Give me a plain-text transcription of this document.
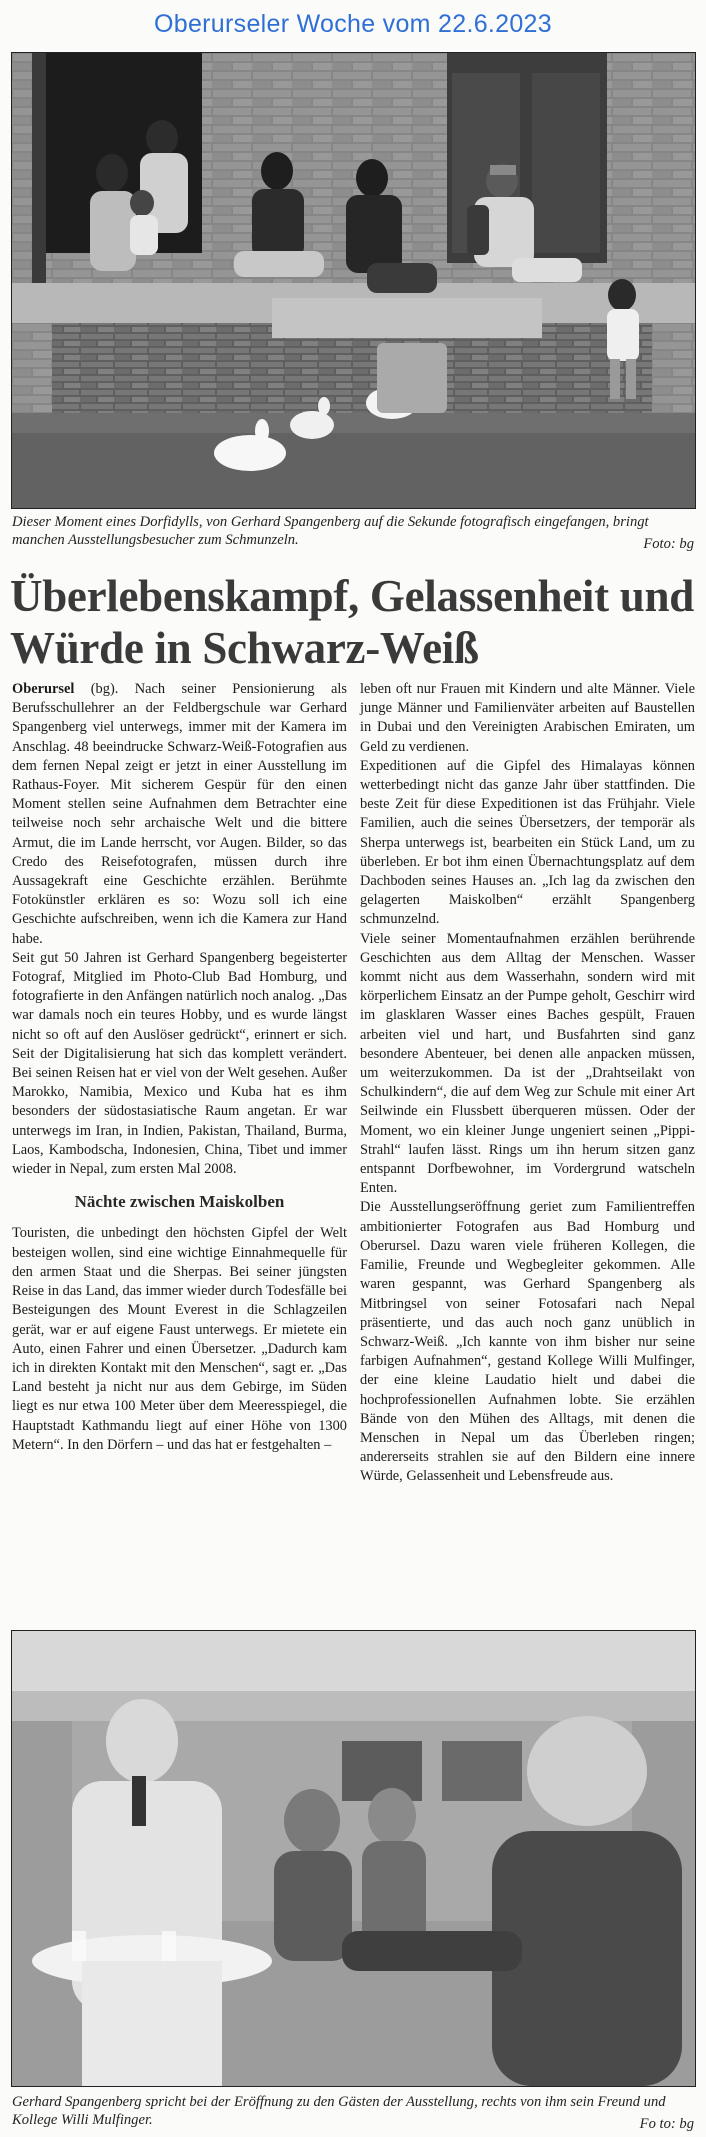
Oberurseler Woche vom 22.6.2023
Dieser Moment eines Dorfidylls, von Gerhard Spangenberg auf die Sekunde fotografisch eingefangen, bringt manchen Ausstellungsbesucher zum Schmunzeln.	Foto: bg
Überlebenskampf, Gelassenheit und Würde in Schwarz-Weiß

Oberursel (bg). Nach seiner Pensionierung als Berufsschullehrer an der Feldbergschule war Gerhard Spangenberg viel unterwegs, immer mit der Kamera im Anschlag. 48 beeindrucke Schwarz-Weiß-Fotografien aus dem fernen Nepal zeigt er jetzt in einer Ausstellung im Rathaus-Foyer. Mit sicherem Gespür für den einen Moment stellen seine Aufnahmen dem Betrachter eine teilweise noch sehr archaische Welt und die bittere Armut, die im Lande herrscht, vor Augen. Bilder, so das Credo des Reisefotografen, müssen durch ihre Aussagekraft eine Geschichte erzählen. Berühmte Fotokünstler erklären es so: Wozu soll ich eine Geschichte aufschreiben, wenn ich die Kamera zur Hand habe.

Seit gut 50 Jahren ist Gerhard Spangenberg begeisterter Fotograf, Mitglied im Photo-Club Bad Homburg, und fotografierte in den Anfängen natürlich noch analog. „Das war damals noch ein teures Hobby, und es wurde längst nicht so oft auf den Auslöser gedrückt“, erinnert er sich. Seit der Digitalisierung hat sich das komplett verändert. Bei seinen Reisen hat er viel von der Welt gesehen. Außer Marokko, Namibia, Mexico und Kuba hat es ihm besonders der südostasiatische Raum angetan. Er war unterwegs im Iran, in Indien, Pakistan, Thailand, Burma, Laos, Kambodscha, Indonesien, China, Tibet und immer wieder in Nepal, zum ersten Mal 2008.

Nächte zwischen Maiskolben

Touristen, die unbedingt den höchsten Gipfel der Welt besteigen wollen, sind eine wichtige Einnahmequelle für den armen Staat und die Sherpas. Bei seiner jüngsten Reise in das Land, das immer wieder durch Todesfälle bei Besteigungen des Mount Everest in die Schlagzeilen gerät, war er auf eigene Faust unterwegs. Er mietete ein Auto, einen Fahrer und einen Übersetzer. „Dadurch kam ich in direkten Kontakt mit den Menschen“, sagt er. „Das Land besteht ja nicht nur aus dem Gebirge, im Süden liegt es nur etwa 100 Meter über dem Meeresspiegel, die Hauptstadt Kathmandu liegt auf einer Höhe von 1300 Metern“. In den Dörfern – und das hat er festgehalten –

leben oft nur Frauen mit Kindern und alte Männer. Viele junge Männer und Familienväter arbeiten auf Baustellen in Dubai und den Vereinigten Arabischen Emiraten, um Geld zu verdienen.

Expeditionen auf die Gipfel des Himalayas können wetterbedingt nicht das ganze Jahr über stattfinden. Die beste Zeit für diese Expeditionen ist das Frühjahr. Viele Familien, auch die seines Übersetzers, der temporär als Sherpa unterwegs ist, bearbeiten ein Stück Land, um zu überleben. Er bot ihm einen Übernachtungsplatz auf dem Dachboden seines Hauses an. „Ich lag da zwischen den gelagerten Maiskolben“ erzählt Spangenberg schmunzelnd.

Viele seiner Momentaufnahmen erzählen berührende Geschichten aus dem Alltag der Menschen. Wasser kommt nicht aus dem Wasserhahn, sondern wird mit körperlichem Einsatz an der Pumpe geholt, Geschirr wird im glasklaren Wasser eines Baches gespült, Frauen arbeiten viel und hart, und Busfahrten sind ganz besondere Abenteuer, bei denen alle anpacken müssen, um weiterzukommen. Da ist der „Drahtseilakt von Schulkindern“, die auf dem Weg zur Schule mit einer Art Seilwinde ein Flussbett überqueren müssen. Oder der Moment, wo ein kleiner Junge ungeniert seinen „Pippi-Strahl“ laufen lässt. Rings um ihn herum sitzen ganz entspannt Dorfbewohner, im Vordergrund watscheln Enten.

Die Ausstellungseröffnung geriet zum Familientreffen ambitionierter Fotografen aus Bad Homburg und Oberursel. Dazu waren viele früheren Kollegen, die Familie, Freunde und Wegbegleiter gekommen. Alle waren gespannt, was Gerhard Spangenberg als Mitbringsel von seiner Fotosafari nach Nepal präsentierte, und das auch noch ganz unüblich in Schwarz-Weiß. „Ich kannte von ihm bisher nur seine farbigen Aufnahmen“, gestand Kollege Willi Mulfinger, der eine kleine Laudatio hielt und dabei die hochprofessionellen Aufnahmen lobte. Sie erzählen Bände von den Mühen des Alltags, mit denen die Menschen in Nepal um das Überleben ringen; andererseits strahlen sie auf den Bildern eine innere Würde, Gelassenheit und Lebensfreude aus.

Gerhard Spangenberg spricht bei der Eröffnung zu den Gästen der Ausstellung, rechts von ihm sein Freund und Kollege Willi Mulfinger.	Fo to: bg
